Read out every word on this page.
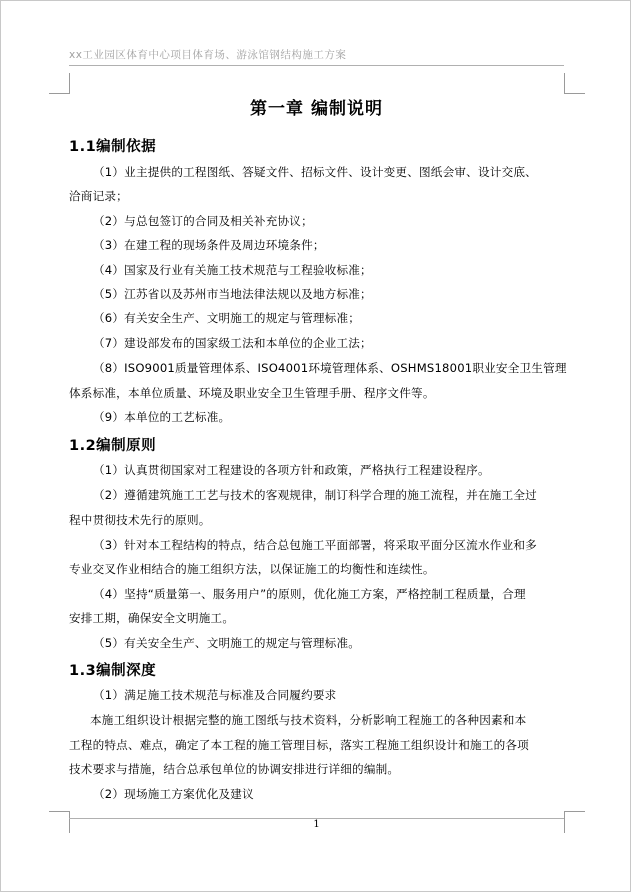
xx工业园区体育中心项目体育场、游泳馆钢结构施工方案
第一章 编制说明
1.1编制依据
（1）业主提供的工程图纸、答疑文件、招标文件、设计变更、图纸会审、设计交底、
洽商记录；
（2）与总包签订的合同及相关补充协议；
（3）在建工程的现场条件及周边环境条件；
（4）国家及行业有关施工技术规范与工程验收标准；
（5）江苏省以及苏州市当地法律法规以及地方标准；
（6）有关安全生产、文明施工的规定与管理标准；
（7）建设部发布的国家级工法和本单位的企业工法；
（8）ISO9001质量管理体系、ISO4001环境管理体系、OSHMS18001职业安全卫生管理
体系标准，本单位质量、环境及职业安全卫生管理手册、程序文件等。
（9）本单位的工艺标准。
1.2编制原则
（1）认真贯彻国家对工程建设的各项方针和政策，严格执行工程建设程序。
（2）遵循建筑施工工艺与技术的客观规律，制订科学合理的施工流程，并在施工全过
程中贯彻技术先行的原则。
（3）针对本工程结构的特点，结合总包施工平面部署，将采取平面分区流水作业和多
专业交叉作业相结合的施工组织方法，以保证施工的均衡性和连续性。
（4）坚持“质量第一、服务用户”的原则，优化施工方案，严格控制工程质量，合理
安排工期，确保安全文明施工。
（5）有关安全生产、文明施工的规定与管理标准。
1.3编制深度
（1）满足施工技术规范与标准及合同履约要求
本施工组织设计根据完整的施工图纸与技术资料，分析影响工程施工的各种因素和本
工程的特点、难点，确定了本工程的施工管理目标，落实工程施工组织设计和施工的各项
技术要求与措施，结合总承包单位的协调安排进行详细的编制。
（2）现场施工方案优化及建议
1
